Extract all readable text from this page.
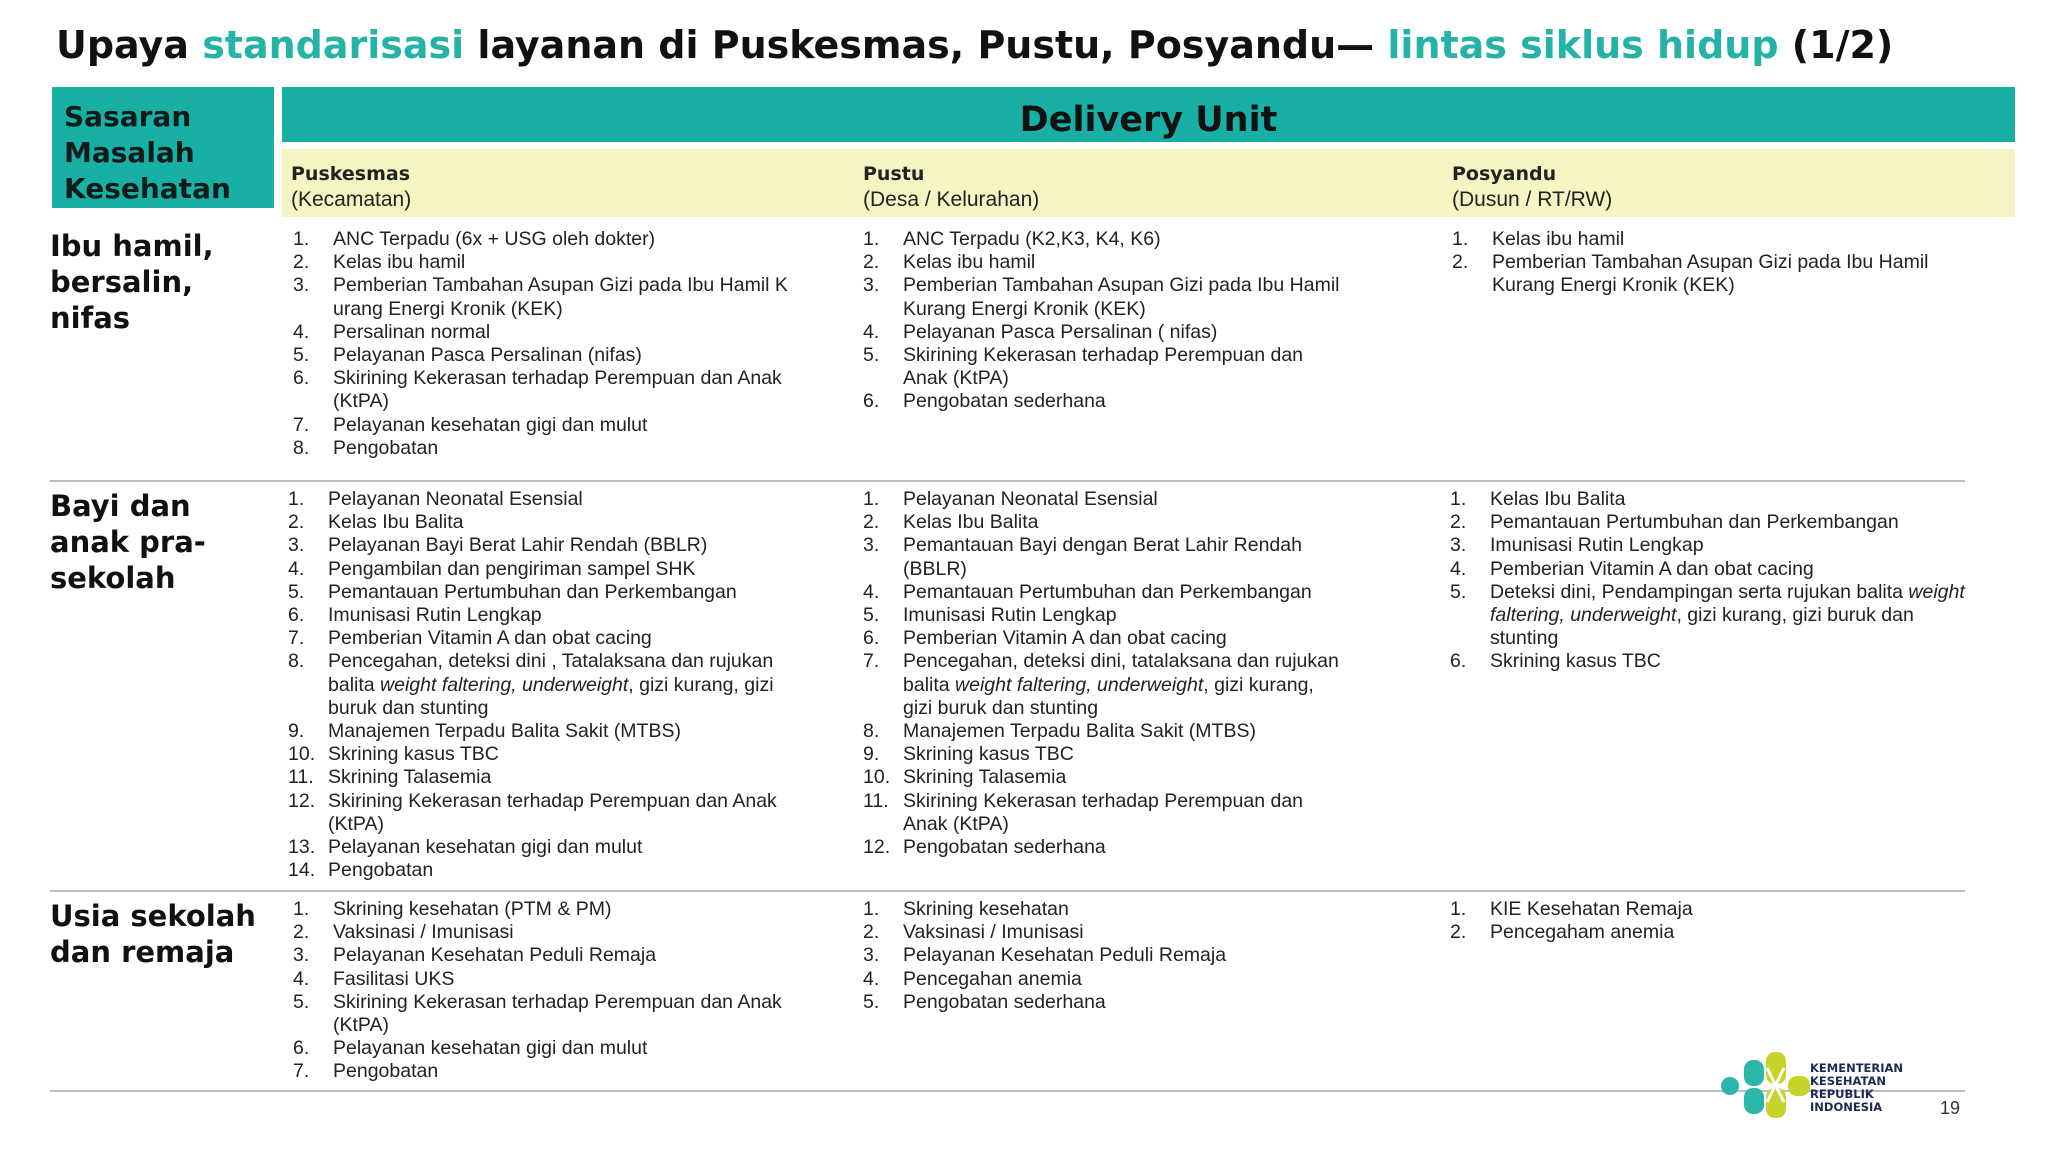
Upaya standarisasi layanan di Puskesmas, Pustu, Posyandu— lintas siklus hidup (1/2)
Sasaran
Masalah
Kesehatan
Delivery Unit
Puskesmas
(Kecamatan)
Pustu
(Desa / Kelurahan)
Posyandu
(Dusun / RT/RW)
Ibu hamil,
bersalin,
nifas
1. ANC Terpadu (6x + USG oleh dokter)
2. Kelas ibu hamil
3. Pemberian Tambahan Asupan Gizi pada Ibu Hamil K
urang Energi Kronik (KEK)
4. Persalinan normal
5. Pelayanan Pasca Persalinan (nifas)
6. Skirining Kekerasan terhadap Perempuan dan Anak
(KtPA)
7. Pelayanan kesehatan gigi dan mulut
8. Pengobatan
1. ANC Terpadu (K2,K3, K4, K6)
2. Kelas ibu hamil
3. Pemberian Tambahan Asupan Gizi pada Ibu Hamil
Kurang Energi Kronik (KEK)
4. Pelayanan Pasca Persalinan ( nifas)
5. Skirining Kekerasan terhadap Perempuan dan
Anak (KtPA)
6. Pengobatan sederhana
1. Kelas ibu hamil
2. Pemberian Tambahan Asupan Gizi pada Ibu Hamil
Kurang Energi Kronik (KEK)
Bayi dan
anak pra-
sekolah
1. Pelayanan Neonatal Esensial
2. Kelas Ibu Balita
3. Pelayanan Bayi Berat Lahir Rendah (BBLR)
4. Pengambilan dan pengiriman sampel SHK
5. Pemantauan Pertumbuhan dan Perkembangan
6. Imunisasi Rutin Lengkap
7. Pemberian Vitamin A dan obat cacing
8. Pencegahan, deteksi dini , Tatalaksana dan rujukan
balita weight faltering, underweight, gizi kurang, gizi
buruk dan stunting
9. Manajemen Terpadu Balita Sakit (MTBS)
10. Skrining kasus TBC
11. Skrining Talasemia
12. Skirining Kekerasan terhadap Perempuan dan Anak
(KtPA)
13. Pelayanan kesehatan gigi dan mulut
14. Pengobatan
1. Pelayanan Neonatal Esensial
2. Kelas Ibu Balita
3. Pemantauan Bayi dengan Berat Lahir Rendah
(BBLR)
4. Pemantauan Pertumbuhan dan Perkembangan
5. Imunisasi Rutin Lengkap
6. Pemberian Vitamin A dan obat cacing
7. Pencegahan, deteksi dini, tatalaksana dan rujukan
balita weight faltering, underweight, gizi kurang,
gizi buruk dan stunting
8. Manajemen Terpadu Balita Sakit (MTBS)
9. Skrining kasus TBC
10. Skrining Talasemia
11. Skirining Kekerasan terhadap Perempuan dan
Anak (KtPA)
12. Pengobatan sederhana
1. Kelas Ibu Balita
2. Pemantauan Pertumbuhan dan Perkembangan
3. Imunisasi Rutin Lengkap
4. Pemberian Vitamin A dan obat cacing
5. Deteksi dini, Pendampingan serta rujukan balita weight
faltering, underweight, gizi kurang, gizi buruk dan
stunting
6. Skrining kasus TBC
Usia sekolah
dan remaja
1. Skrining kesehatan (PTM & PM)
2. Vaksinasi / Imunisasi
3. Pelayanan Kesehatan Peduli Remaja
4. Fasilitasi UKS
5. Skirining Kekerasan terhadap Perempuan dan Anak
(KtPA)
6. Pelayanan kesehatan gigi dan mulut
7. Pengobatan
1. Skrining kesehatan
2. Vaksinasi / Imunisasi
3. Pelayanan Kesehatan Peduli Remaja
4. Pencegahan anemia
5. Pengobatan sederhana
1. KIE Kesehatan Remaja
2. Pencegaham anemia
KEMENTERIAN
KESEHATAN
REPUBLIK
INDONESIA	19
